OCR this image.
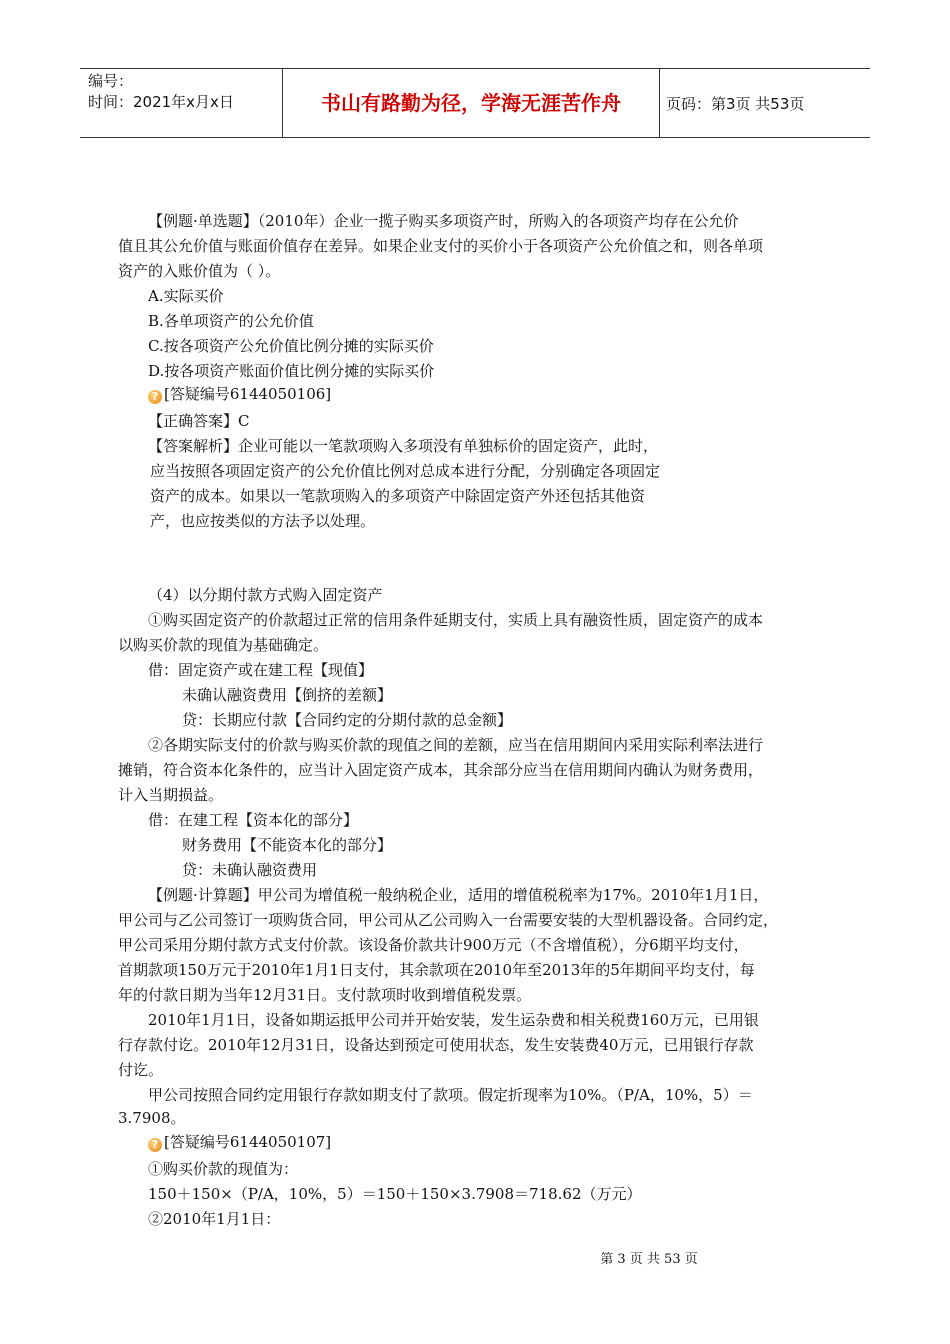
编号：
时间：2021年x月x日	书山有路勤为径，学海无涯苦作舟	页码：第3页 共53页
【例题·单选题】（2010年）企业一揽子购买多项资产时，所购入的各项资产均存在公允价
值且其公允价值与账面价值存在差异。如果企业支付的买价小于各项资产公允价值之和，则各单项
资产的入账价值为（ ）。
A.实际买价
B.各单项资产的公允价值
C.按各项资产公允价值比例分摊的实际买价
D.按各项资产账面价值比例分摊的实际买价
? [答疑编号6144050106]
【正确答案】C
【答案解析】企业可能以一笔款项购入多项没有单独标价的固定资产，此时，
应当按照各项固定资产的公允价值比例对总成本进行分配，分别确定各项固定
资产的成本。如果以一笔款项购入的多项资产中除固定资产外还包括其他资
产，也应按类似的方法予以处理。
（4）以分期付款方式购入固定资产
①购买固定资产的价款超过正常的信用条件延期支付，实质上具有融资性质，固定资产的成本
以购买价款的现值为基础确定。
借：固定资产或在建工程【现值】
未确认融资费用【倒挤的差额】
贷：长期应付款【合同约定的分期付款的总金额】
②各期实际支付的价款与购买价款的现值之间的差额，应当在信用期间内采用实际利率法进行
摊销，符合资本化条件的，应当计入固定资产成本，其余部分应当在信用期间内确认为财务费用，
计入当期损益。
借：在建工程【资本化的部分】
财务费用【不能资本化的部分】
贷：未确认融资费用
【例题·计算题】甲公司为增值税一般纳税企业，适用的增值税税率为17%。2010年1月1日，
甲公司与乙公司签订一项购货合同，甲公司从乙公司购入一台需要安装的大型机器设备。合同约定，
甲公司采用分期付款方式支付价款。该设备价款共计900万元（不含增值税），分6期平均支付，
首期款项150万元于2010年1月1日支付，其余款项在2010年至2013年的5年期间平均支付，每
年的付款日期为当年12月31日。支付款项时收到增值税发票。
2010年1月1日，设备如期运抵甲公司并开始安装，发生运杂费和相关税费160万元，已用银
行存款付讫。2010年12月31日，设备达到预定可使用状态，发生安装费40万元，已用银行存款
付讫。
甲公司按照合同约定用银行存款如期支付了款项。假定折现率为10%。（P/A，10%，5）＝
3.7908。
? [答疑编号6144050107]
①购买价款的现值为：
150＋150×（P/A，10%，5）＝150＋150×3.7908＝718.62（万元）
②2010年1月1日：
第 3 页 共 53 页
